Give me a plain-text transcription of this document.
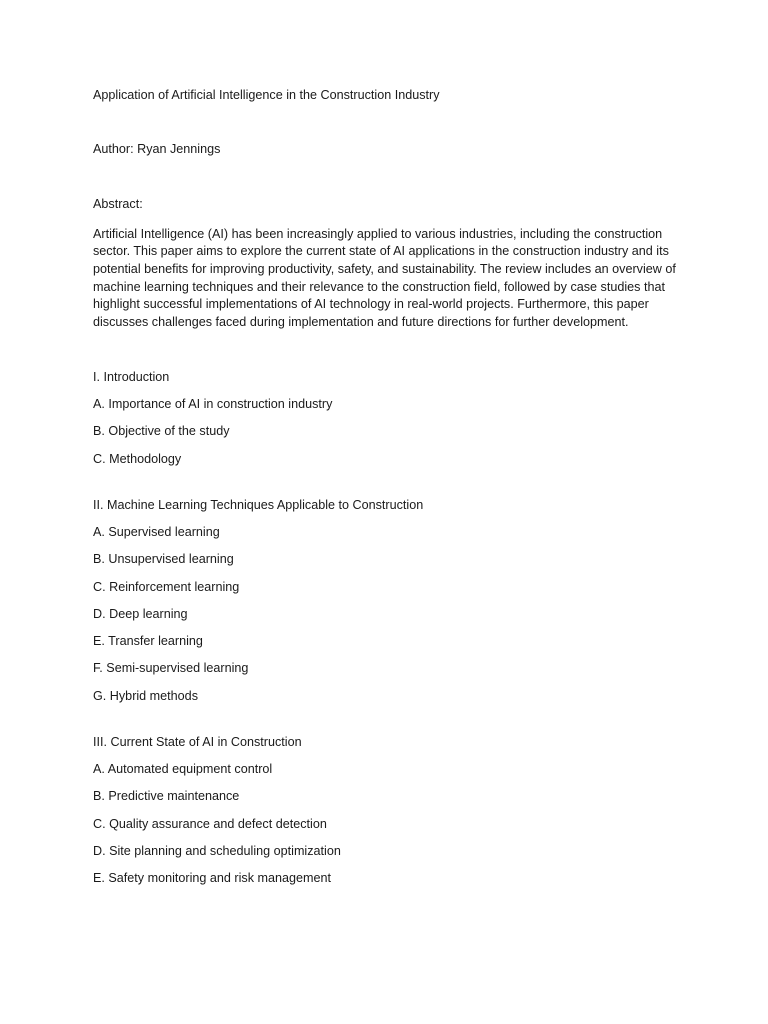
Application of Artificial Intelligence in the Construction Industry

Author: Ryan Jennings

Abstract:

Artificial Intelligence (AI) has been increasingly applied to various industries, including the construction sector. This paper aims to explore the current state of AI applications in the construction industry and its potential benefits for improving productivity, safety, and sustainability. The review includes an overview of machine learning techniques and their relevance to the construction field, followed by case studies that highlight successful implementations of AI technology in real-world projects. Furthermore, this paper discusses challenges faced during implementation and future directions for further development.

I. Introduction

A. Importance of AI in construction industry

B. Objective of the study

C. Methodology

II. Machine Learning Techniques Applicable to Construction

A. Supervised learning

B. Unsupervised learning

C. Reinforcement learning

D. Deep learning

E. Transfer learning

F. Semi-supervised learning

G. Hybrid methods

III. Current State of AI in Construction

A. Automated equipment control

B. Predictive maintenance

C. Quality assurance and defect detection

D. Site planning and scheduling optimization

E. Safety monitoring and risk management
